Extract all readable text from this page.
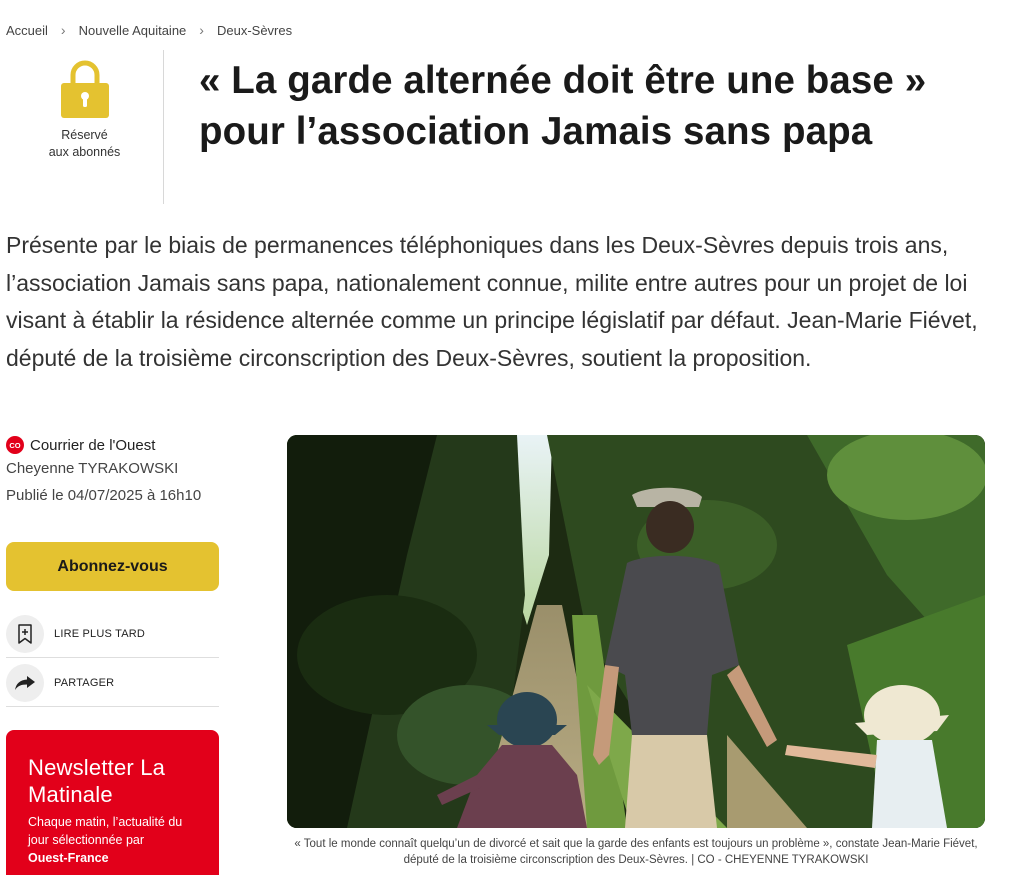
Accueil › Nouvelle Aquitaine › Deux-Sèvres
Réservé
aux abonnés
« La garde alternée doit être une base » pour l’association Jamais sans papa

Présente par le biais de permanences téléphoniques dans les Deux-Sèvres depuis trois ans, l’association Jamais sans papa, nationalement connue, milite entre autres pour un projet de loi visant à établir la résidence alternée comme un principe législatif par défaut. Jean-Marie Fiévet, député de la troisième circonscription des Deux-Sèvres, soutient la proposition.

CO Courrier de l'Ouest
Cheyenne TYRAKOWSKI
Publié le 04/07/2025 à 16h10
Abonnez-vous
LIRE PLUS TARD
PARTAGER
Newsletter La Matinale
Chaque matin, l’actualité du jour sélectionnée par
Ouest-France
« Tout le monde connaît quelqu’un de divorcé et sait que la garde des enfants est toujours un problème », constate Jean-Marie Fiévet, député de la troisième circonscription des Deux-Sèvres. | CO - CHEYENNE TYRAKOWSKI
